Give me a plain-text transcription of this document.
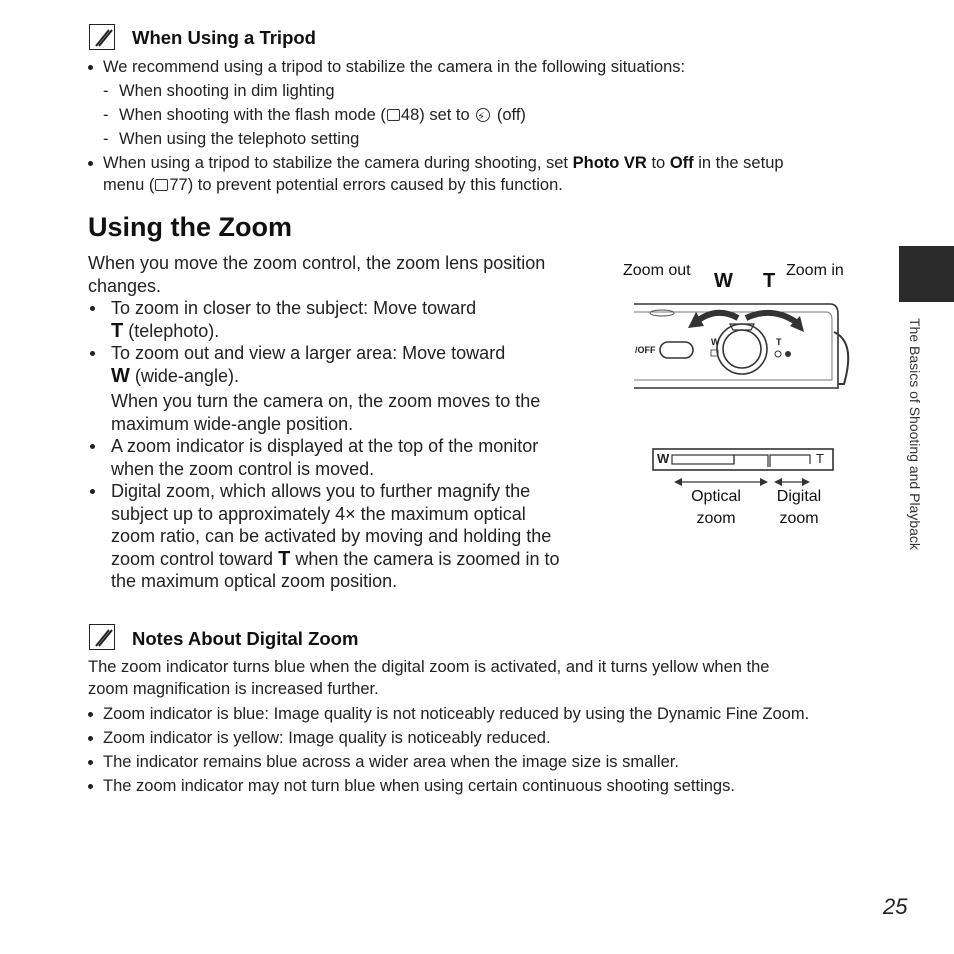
When Using a Tripod
We recommend using a tripod to stabilize the camera in the following situations:
- When shooting in dim lighting
- When shooting with the flash mode ( 48) set to ⚡ (off)
- When using the telephoto setting
When using a tripod to stabilize the camera during shooting, set Photo VR to Off in the setup
menu ( 77) to prevent potential errors caused by this function.
Using the Zoom
When you move the zoom control, the zoom lens position
changes.
To zoom in closer to the subject: Move toward
T (telephoto).
To zoom out and view a larger area: Move toward
W (wide-angle).
When you turn the camera on, the zoom moves to the
maximum wide-angle position.
A zoom indicator is displayed at the top of the monitor
when the zoom control is moved.
Digital zoom, which allows you to further magnify the
subject up to approximately 4× the maximum optical
zoom ratio, can be activated by moving and holding the
zoom control toward T when the camera is zoomed in to
the maximum optical zoom position.
Zoom out	Zoom in
W T
/OFF
W	T
W	T
Optical
zoom
Digital
zoom
Notes About Digital Zoom
The zoom indicator turns blue when the digital zoom is activated, and it turns yellow when the
zoom magnification is increased further.
Zoom indicator is blue: Image quality is not noticeably reduced by using the Dynamic Fine Zoom.
Zoom indicator is yellow: Image quality is noticeably reduced.
The indicator remains blue across a wider area when the image size is smaller.
The zoom indicator may not turn blue when using certain continuous shooting settings.
The Basics of Shooting and Playback
25
